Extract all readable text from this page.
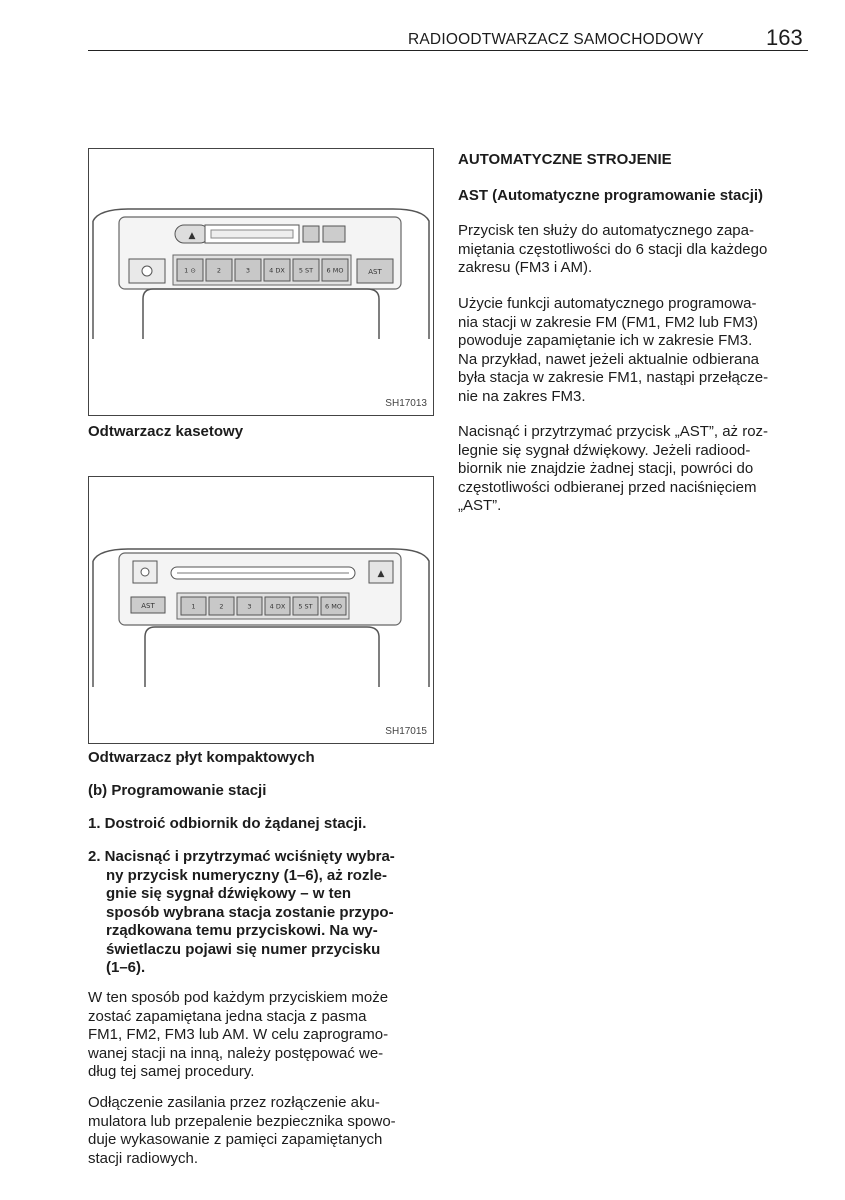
RADIOODTWARZACZ SAMOCHODOWY	163
▲
1 ⊙	2	3	4 DX 5 ST 6 MO	AST
SH17013
Odtwarzacz kasetowy
▲
AST	1	2	3	4 DX 5 ST 6 MO
SH17015
Odtwarzacz płyt kompaktowych
(b) Programowanie stacji
1. Dostroić odbiornik do żądanej stacji.
2. Nacisnąć i przytrzymać wciśnięty wybra-
ny przycisk numeryczny (1–6), aż rozle-
gnie się sygnał dźwiękowy – w ten
sposób wybrana stacja zostanie przypo-
rządkowana temu przyciskowi. Na wy-
świetlaczu pojawi się numer przycisku
(1–6).
W ten sposób pod każdym przyciskiem może
zostać zapamiętana jedna stacja z pasma
FM1, FM2, FM3 lub AM. W celu zaprogramo-
wanej stacji na inną, należy postępować we-
dług tej samej procedury.
Odłączenie zasilania przez rozłączenie aku-
mulatora lub przepalenie bezpiecznika spowo-
duje wykasowanie z pamięci zapamiętanych
stacji radiowych.
AUTOMATYCZNE STROJENIE
AST (Automatyczne programowanie stacji)
Przycisk ten służy do automatycznego zapa-
miętania częstotliwości do 6 stacji dla każdego
zakresu (FM3 i AM).
Użycie funkcji automatycznego programowa-
nia stacji w zakresie FM (FM1, FM2 lub FM3)
powoduje zapamiętanie ich w zakresie FM3.
Na przykład, nawet jeżeli aktualnie odbierana
była stacja w zakresie FM1, nastąpi przełącze-
nie na zakres FM3.
Nacisnąć i przytrzymać przycisk „AST”, aż roz-
legnie się sygnał dźwiękowy. Jeżeli radiood-
biornik nie znajdzie żadnej stacji, powróci do
częstotliwości odbieranej przed naciśnięciem
„AST”.
